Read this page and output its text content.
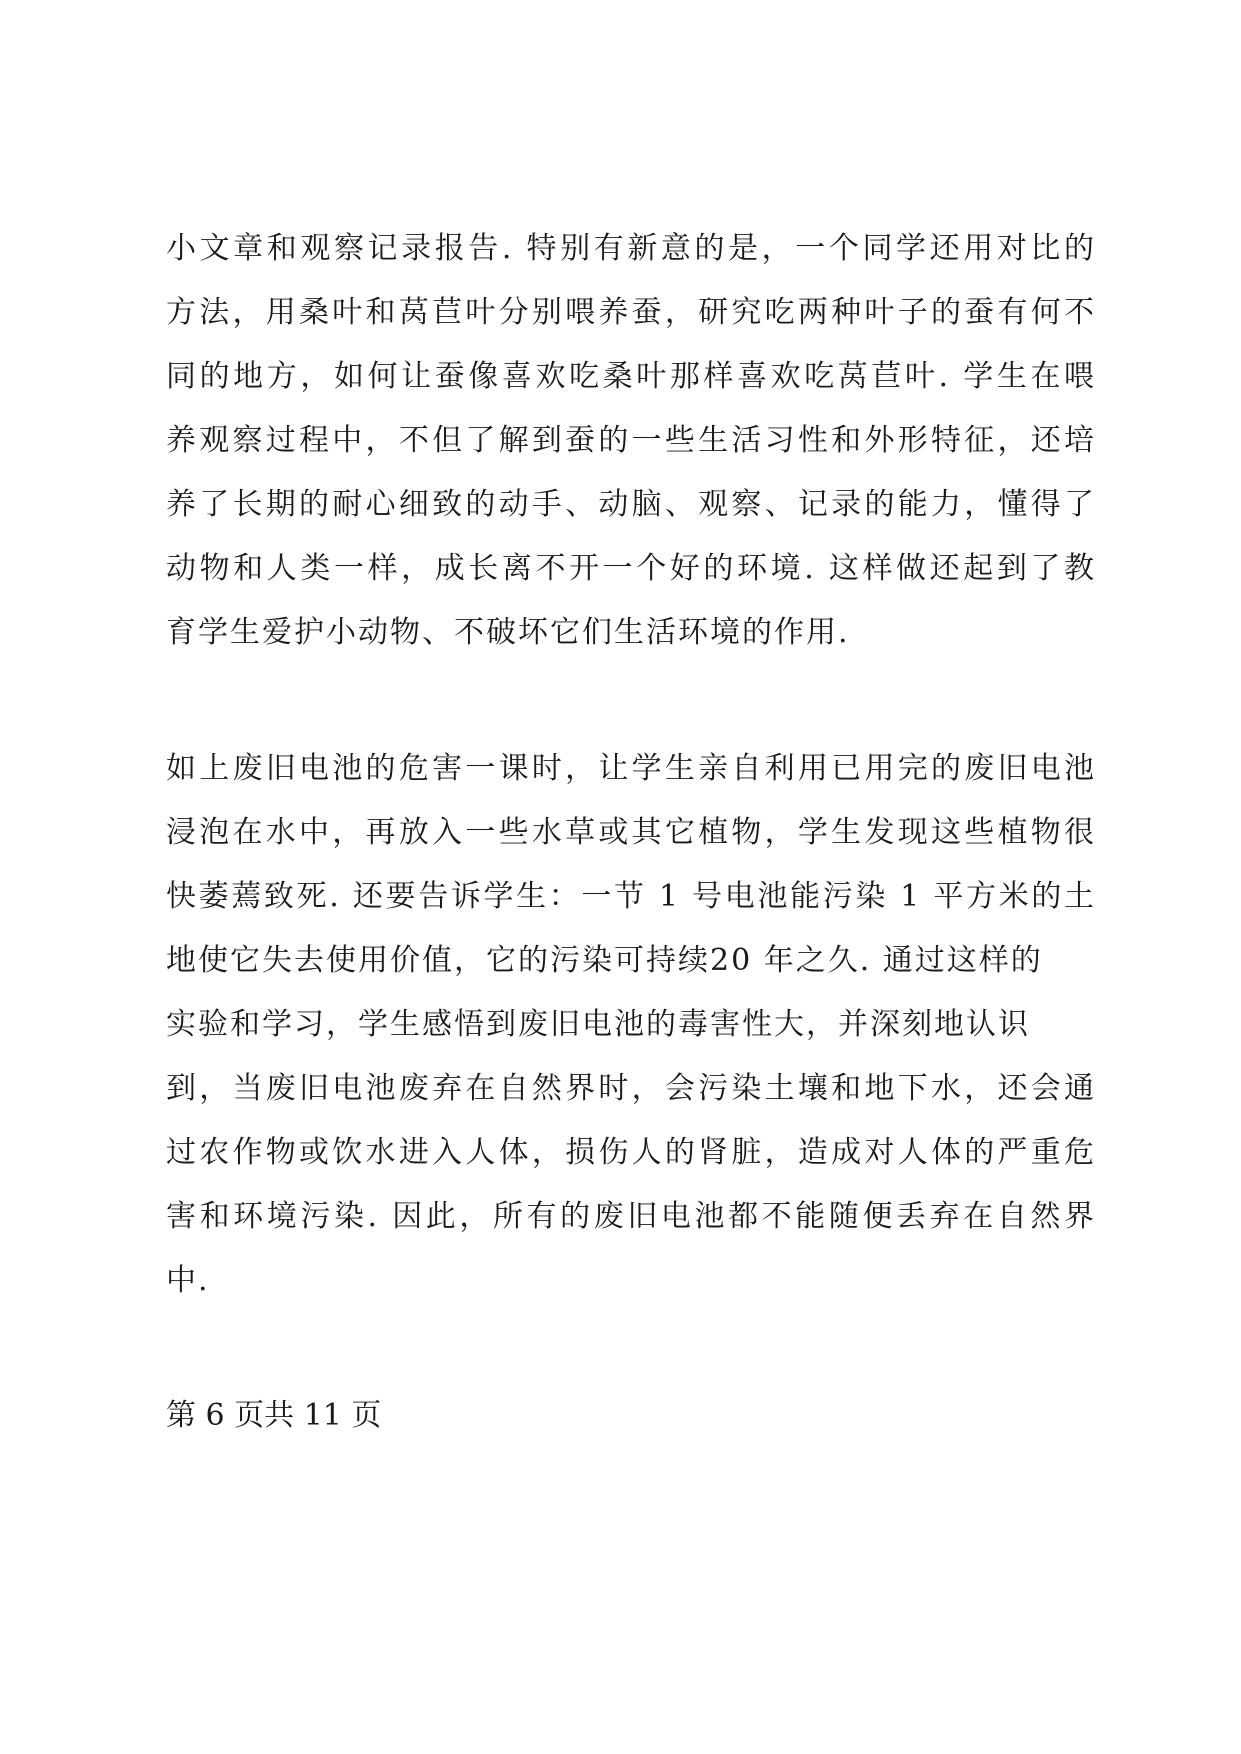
小文章和观察记录报告. 特别有新意的是，一个同学还用对比的
方法，用桑叶和莴苣叶分别喂养蚕，研究吃两种叶子的蚕有何不
同的地方，如何让蚕像喜欢吃桑叶那样喜欢吃莴苣叶. 学生在喂
养观察过程中，不但了解到蚕的一些生活习性和外形特征，还培
养了长期的耐心细致的动手、动脑、观察、记录的能力，懂得了
动物和人类一样，成长离不开一个好的环境. 这样做还起到了教
育学生爱护小动物、不破坏它们生活环境的作用.
如上废旧电池的危害一课时，让学生亲自利用已用完的废旧电池
浸泡在水中，再放入一些水草或其它植物，学生发现这些植物很
快萎蔫致死. 还要告诉学生：一节 1 号电池能污染 1 平方米的土
地使它失去使用价值，它的污染可持续20 年之久. 通过这样的
实验和学习，学生感悟到废旧电池的毒害性大，并深刻地认识
到，当废旧电池废弃在自然界时，会污染土壤和地下水，还会通
过农作物或饮水进入人体，损伤人的肾脏，造成对人体的严重危
害和环境污染. 因此，所有的废旧电池都不能随便丢弃在自然界
中.
第 6 页共 11 页
